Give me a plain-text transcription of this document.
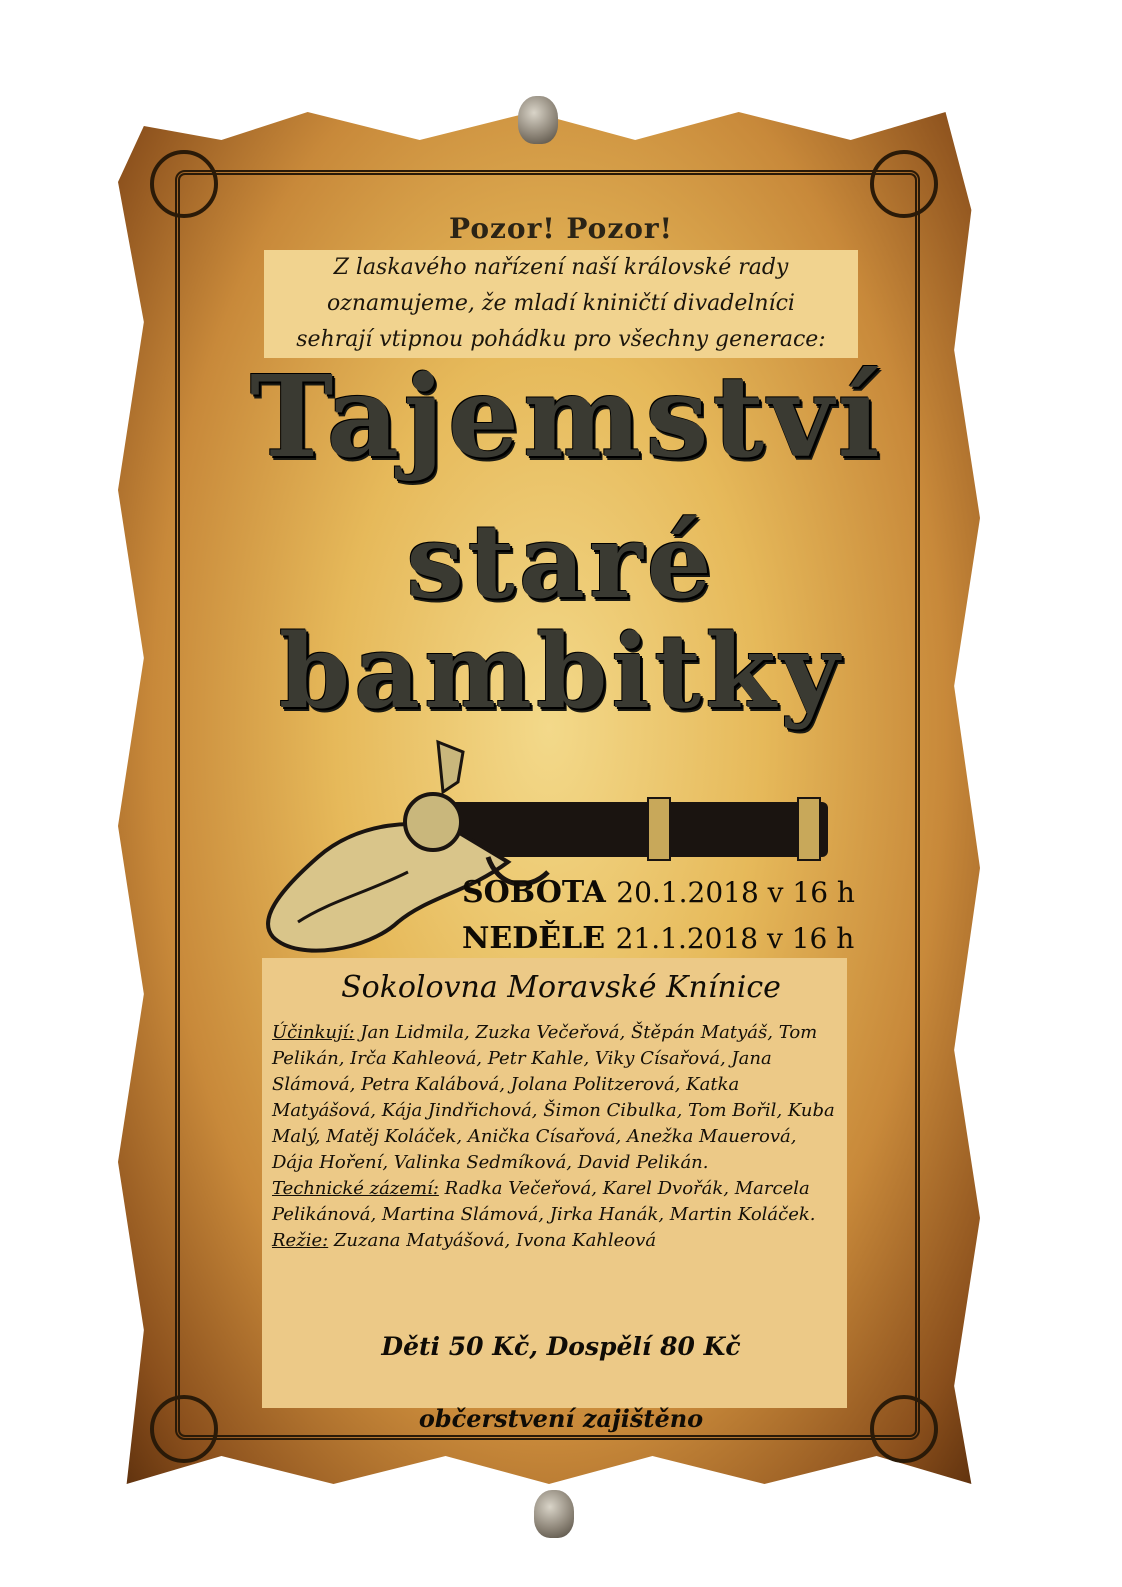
Pozor! Pozor!
Z laskavého nařízení naší královské rady
oznamujeme, že mladí kniničtí divadelníci
sehrají vtipnou pohádku pro všechny generace:
Tajemství
staré
bambitky
SOBOTA 20.1.2018 v 16 h
NEDĚLE 21.1.2018 v 16 h
Sokolovna Moravské Knínice
Účinkují: Jan Lidmila, Zuzka Večeřová, Štěpán Matyáš, Tom Pelikán, Irča Kahleová, Petr Kahle, Viky Císařová, Jana Slámová, Petra Kalábová, Jolana Politzerová, Katka Matyášová, Kája Jindřichová, Šimon Cibulka, Tom Bořil, Kuba Malý, Matěj Koláček, Anička Císařová, Anežka Mauerová, Dája Hoření, Valinka Sedmíková, David Pelikán.
Technické zázemí: Radka Večeřová, Karel Dvořák, Marcela Pelikánová, Martina Slámová, Jirka Hanák, Martin Koláček.
Režie: Zuzana Matyášová, Ivona Kahleová
Děti 50 Kč, Dospělí 80 Kč
občerstvení zajištěno
